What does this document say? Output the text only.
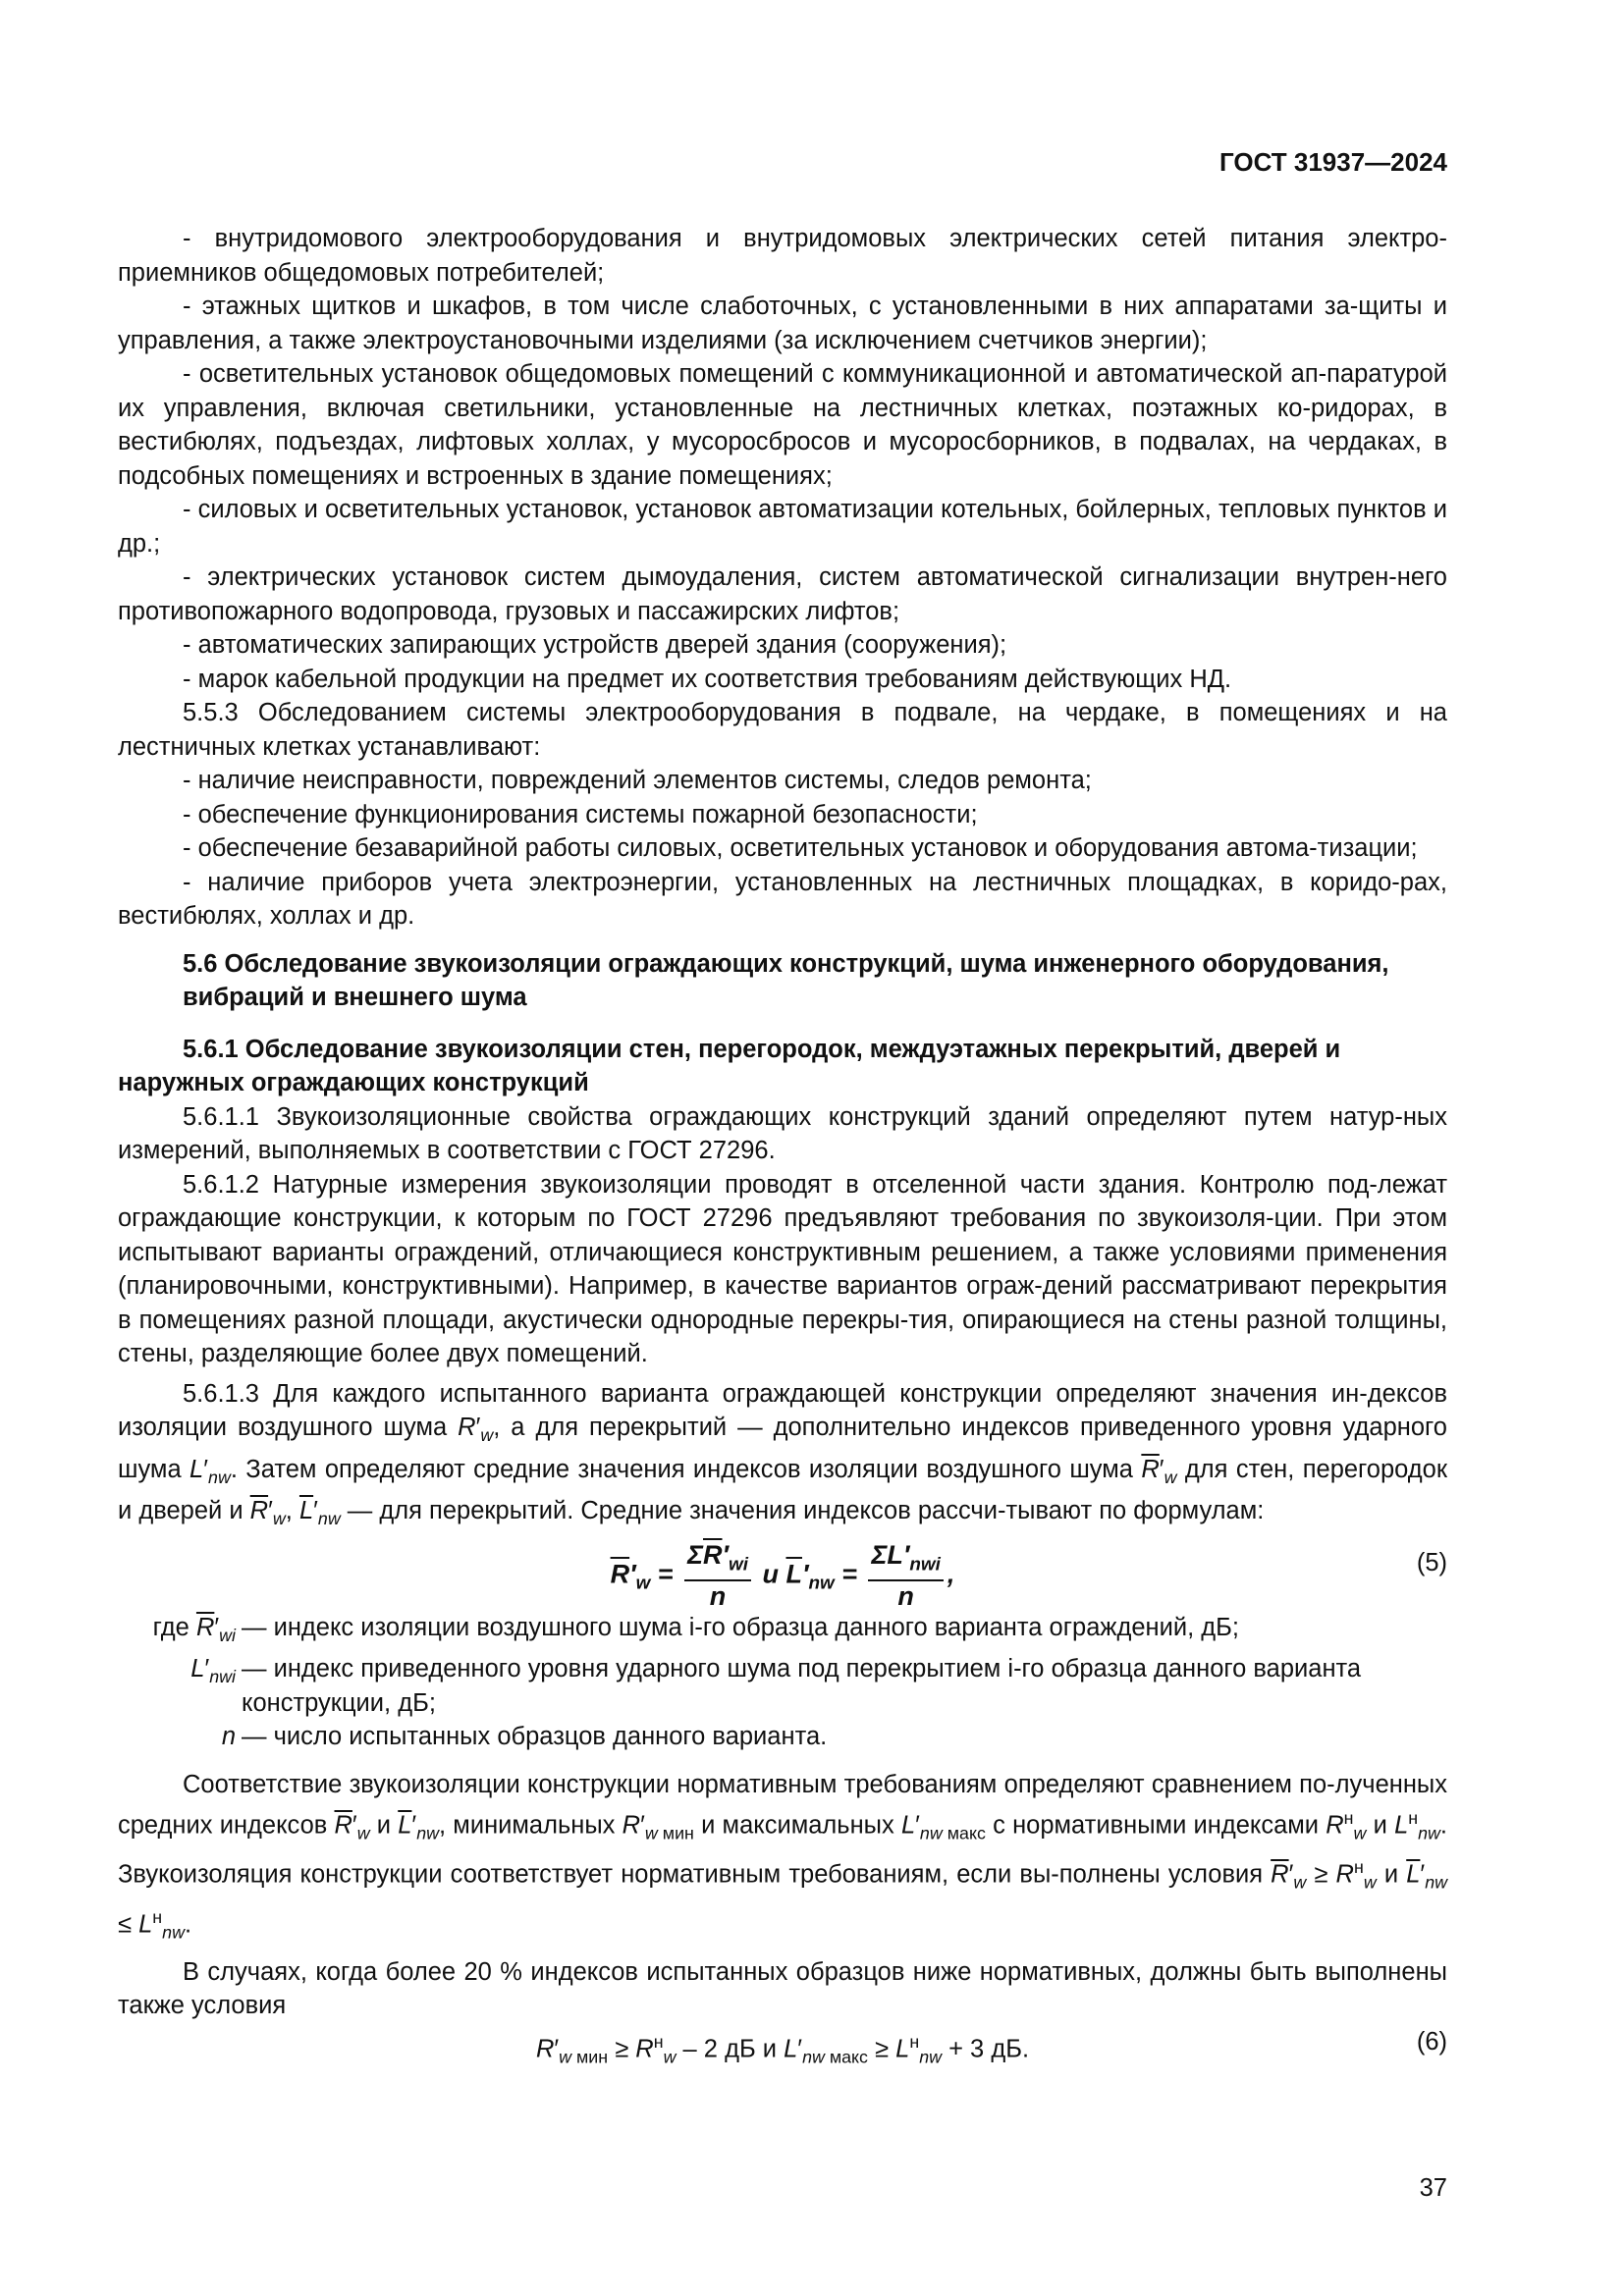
ГОСТ 31937—2024

- внутридомового электрооборудования и внутридомовых электрических сетей питания электро-приемников общедомовых потребителей;

- этажных щитков и шкафов, в том числе слаботочных, с установленными в них аппаратами за-щиты и управления, а также электроустановочными изделиями (за исключением счетчиков энергии);

- осветительных установок общедомовых помещений с коммуникационной и автоматической ап-паратурой их управления, включая светильники, установленные на лестничных клетках, поэтажных ко-ридорах, в вестибюлях, подъездах, лифтовых холлах, у мусоросбросов и мусоросборников, в подвалах, на чердаках, в подсобных помещениях и встроенных в здание помещениях;

- силовых и осветительных установок, установок автоматизации котельных, бойлерных, тепловых пунктов и др.;

- электрических установок систем дымоудаления, систем автоматической сигнализации внутрен-него противопожарного водопровода, грузовых и пассажирских лифтов;

- автоматических запирающих устройств дверей здания (сооружения);

- марок кабельной продукции на предмет их соответствия требованиям действующих НД.

5.5.3 Обследованием системы электрооборудования в подвале, на чердаке, в помещениях и на лестничных клетках устанавливают:

- наличие неисправности, повреждений элементов системы, следов ремонта;

- обеспечение функционирования системы пожарной безопасности;

- обеспечение безаварийной работы силовых, осветительных установок и оборудования автома-тизации;

- наличие приборов учета электроэнергии, установленных на лестничных площадках, в коридо-рах, вестибюлях, холлах и др.

5.6 Обследование звукоизоляции ограждающих конструкций, шума инженерного оборудования, вибраций и внешнего шума
5.6.1 Обследование звукоизоляции стен, перегородок, междуэтажных перекрытий, дверей и наружных ограждающих конструкций

5.6.1.1 Звукоизоляционные свойства ограждающих конструкций зданий определяют путем натур-ных измерений, выполняемых в соответствии с ГОСТ 27296.

5.6.1.2 Натурные измерения звукоизоляции проводят в отселенной части здания. Контролю под-лежат ограждающие конструкции, к которым по ГОСТ 27296 предъявляют требования по звукоизоля-ции. При этом испытывают варианты ограждений, отличающиеся конструктивным решением, а также условиями применения (планировочными, конструктивными). Например, в качестве вариантов ограж-дений рассматривают перекрытия в помещениях разной площади, акустически однородные перекры-тия, опирающиеся на стены разной толщины, стены, разделяющие более двух помещений.

5.6.1.3 Для каждого испытанного варианта ограждающей конструкции определяют значения ин-дексов изоляции воздушного шума $R'_w$, а для перекрытий — дополнительно индексов приведенного уровня ударного шума $L'_{nw}$. Затем определяют средние значения индексов изоляции воздушного шума $\overline{R}'_w$ для стен, перегородок и дверей и $\overline{R}'_w$, $\overline{L}'_{nw}$ — для перекрытий. Средние значения индексов рассчи-тывают по формулам:

$\overline{R}'_w = \frac{\Sigma\overline{R}'_{wi}}{n}$ и $\overline{L}'_{nw} = \frac{\Sigma L'_{nwi}}{n}$ ,	(5)
где $\overline{R}'_{wi}$ — индекс изоляции воздушного шума i-го образца данного варианта ограждений, дБ;
$L'_{nwi}$ — индекс приведенного уровня ударного шума под перекрытием i-го образца данного варианта конструкции, дБ;
n — число испытанных образцов данного варианта.

Соответствие звукоизоляции конструкции нормативным требованиям определяют сравнением по-лученных средних индексов $\overline{R}'_w$ и $\overline{L}'_{nw}$, минимальных $R'_{w мин}$ и максимальных $L'_{nw макс}$ с нормативными индексами $R^н_w$ и $L^н_{nw}$. Звукоизоляция конструкции соответствует нормативным требованиям, если вы-полнены условия $\overline{R}'_w \ge R^н_w$ и $\overline{L}'_{nw} \le L^н_{nw}$.

В случаях, когда более 20 % индексов испытанных образцов ниже нормативных, должны быть выполнены также условия

$R'_{w мин} \ge R^н_w - 2$ дБ и $L'_{nw макс} \ge L^н_{nw} + 3$ дБ.	(6)
37
